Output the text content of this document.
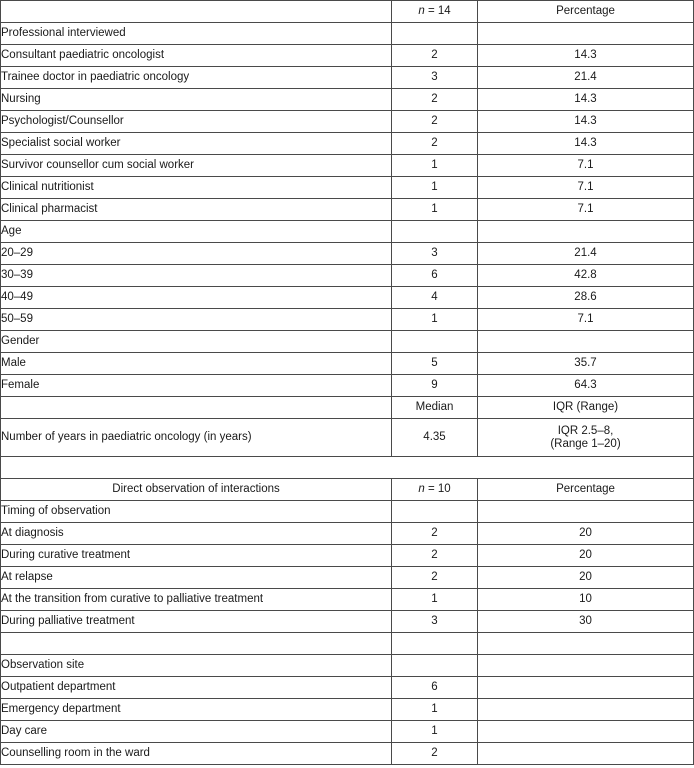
	n = 14	Percentage
Professional interviewed		
Consultant paediatric oncologist	2	14.3
Trainee doctor in paediatric oncology	3	21.4
Nursing	2	14.3
Psychologist/Counsellor	2	14.3
Specialist social worker	2	14.3
Survivor counsellor cum social worker	1	7.1
Clinical nutritionist	1	7.1
Clinical pharmacist	1	7.1
Age		
20–29	3	21.4
30–39	6	42.8
40–49	4	28.6
50–59	1	7.1
Gender		
Male	5	35.7
Female	9	64.3
	Median	IQR (Range)
Number of years in paediatric oncology (in years)	4.35	IQR 2.5–8,
(Range 1–20)

Direct observation of interactions	n = 10	Percentage
Timing of observation		
At diagnosis	2	20
During curative treatment	2	20
At relapse	2	20
At the transition from curative to palliative treatment	1	10
During palliative treatment	3	30

Observation site		
Outpatient department	6	
Emergency department	1	
Day care	1	
Counselling room in the ward	2	
